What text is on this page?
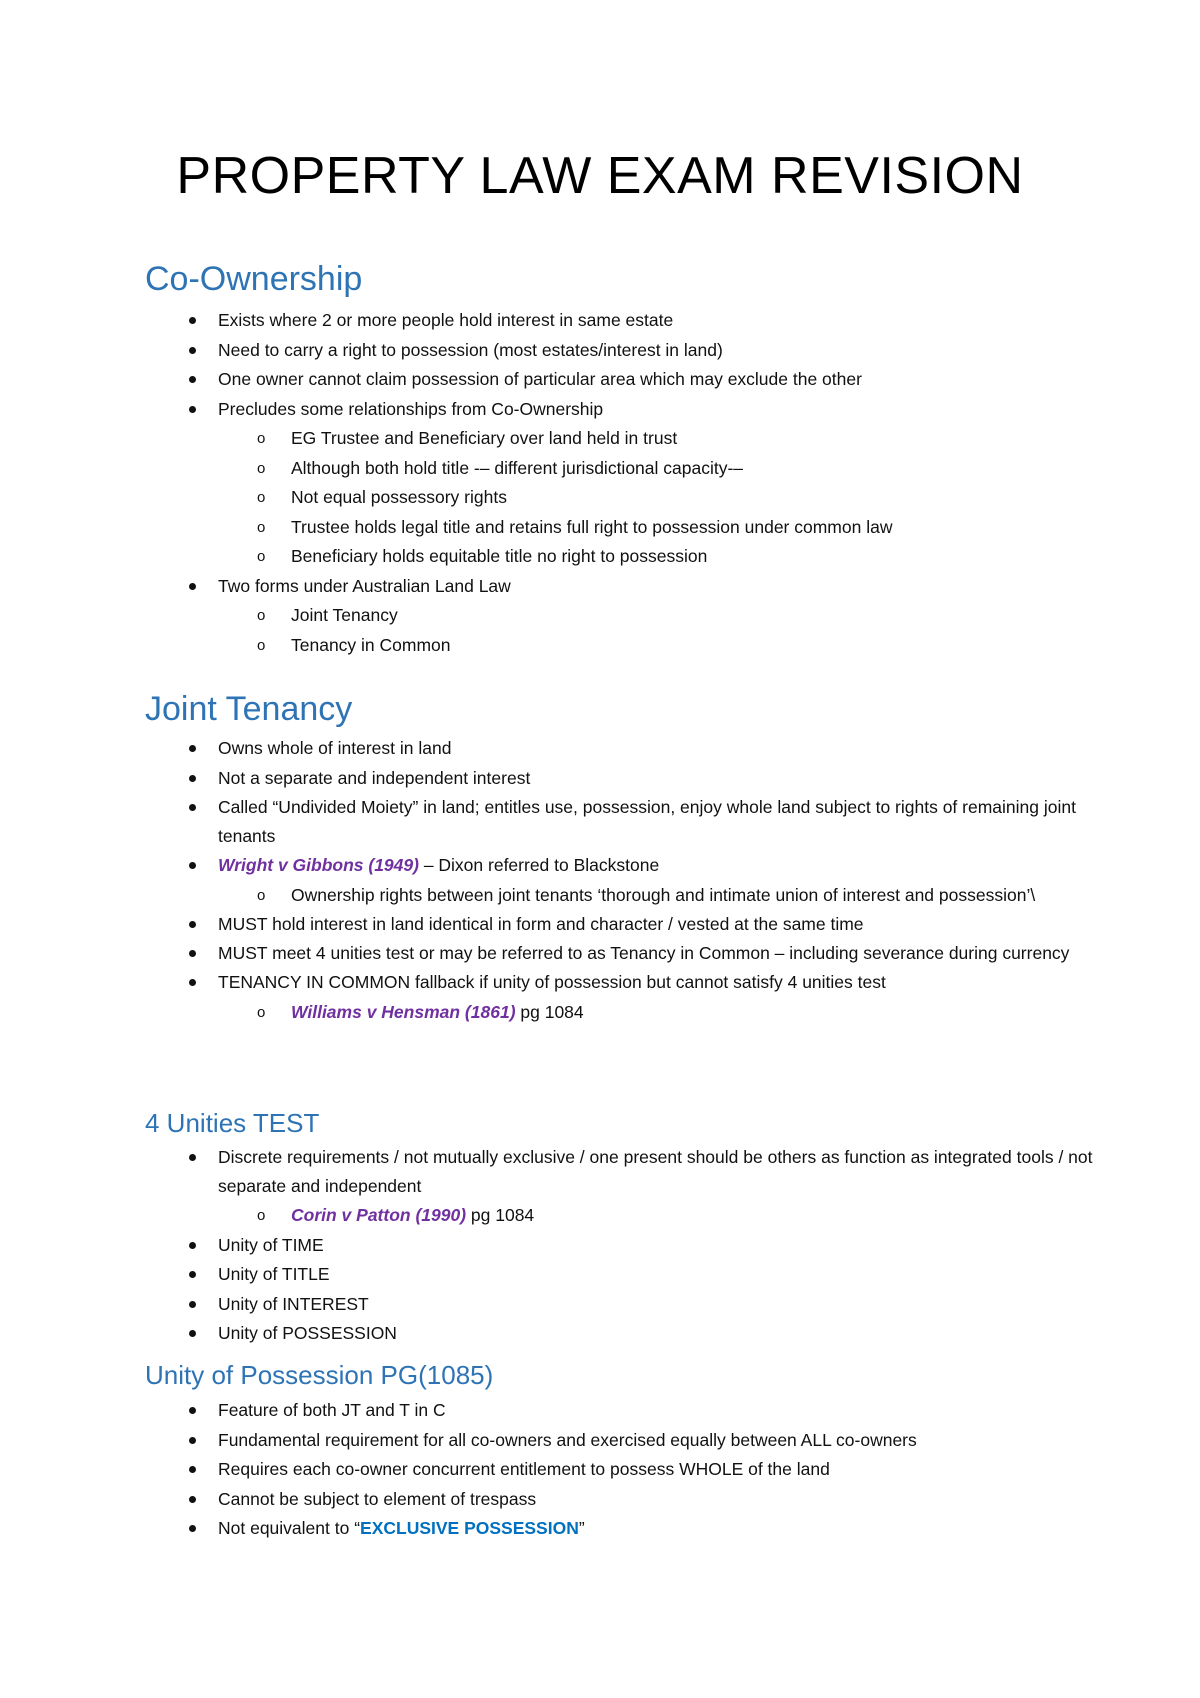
PROPERTY LAW EXAM REVISION
Co-Ownership
Exists where 2 or more people hold interest in same estate
Need to carry a right to possession (most estates/interest in land)
One owner cannot claim possession of particular area which may exclude the other
Precludes some relationships from Co-Ownership
o EG Trustee and Beneficiary over land held in trust
o Although both hold title -– different jurisdictional capacity-–
o Not equal possessory rights
o Trustee holds legal title and retains full right to possession under common law
o Beneficiary holds equitable title no right to possession
Two forms under Australian Land Law
o Joint Tenancy
o Tenancy in Common
Joint Tenancy
Owns whole of interest in land
Not a separate and independent interest
Called “Undivided Moiety” in land; entitles use, possession, enjoy whole land subject to rights of remaining joint tenants
Wright v Gibbons (1949) – Dixon referred to Blackstone
o Ownership rights between joint tenants ‘thorough and intimate union of interest and possession’\
MUST hold interest in land identical in form and character / vested at the same time
MUST meet 4 unities test or may be referred to as Tenancy in Common – including severance during currency
TENANCY IN COMMON fallback if unity of possession but cannot satisfy 4 unities test
o Williams v Hensman (1861) pg 1084
4 Unities TEST
Discrete requirements / not mutually exclusive / one present should be others as function as integrated tools / not separate and independent
o Corin v Patton (1990) pg 1084
Unity of TIME
Unity of TITLE
Unity of INTEREST
Unity of POSSESSION
Unity of Possession PG(1085)
Feature of both JT and T in C
Fundamental requirement for all co-owners and exercised equally between ALL co-owners
Requires each co-owner concurrent entitlement to possess WHOLE of the land
Cannot be subject to element of trespass
Not equivalent to “EXCLUSIVE POSSESSION”
